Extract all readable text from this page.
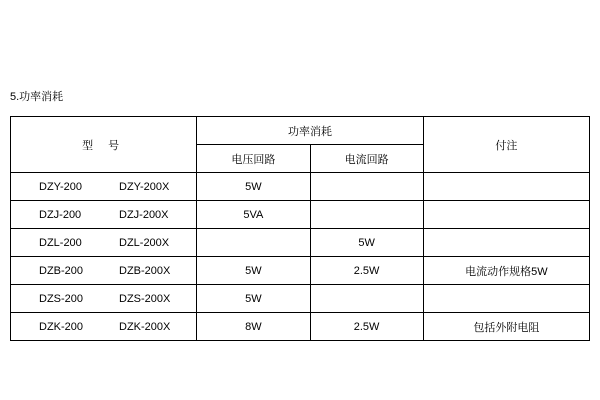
5.功率消耗
型 号	功率消耗		付注
	电压回路	电流回路	

DZY-200 DZY-200X	5W		

DZJ-200 DZJ-200X	5VA		

DZL-200 DZL-200X		5W	

DZB-200 DZB-200X	5W	2.5W	电流动作规格5W

DZS-200 DZS-200X	5W		

DZK-200 DZK-200X	8W	2.5W	包括外附电阻
